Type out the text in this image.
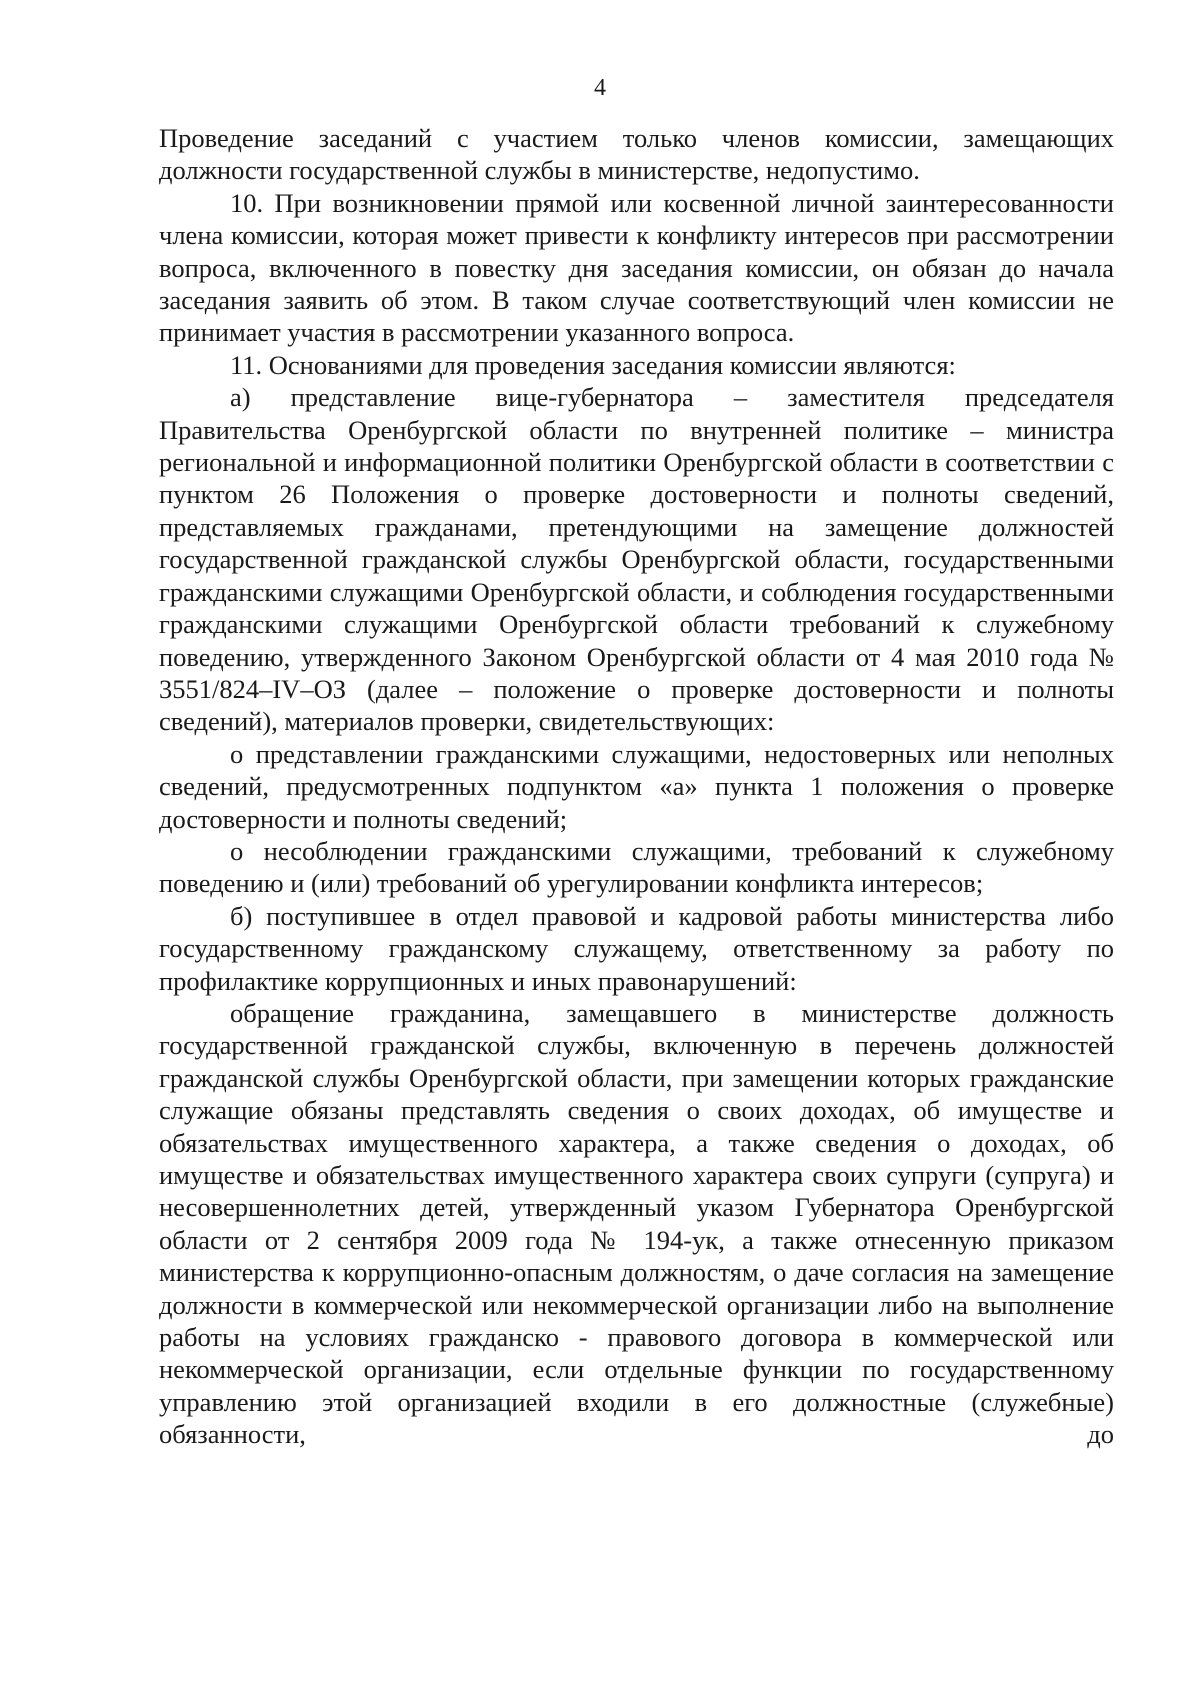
4

Проведение заседаний с участием только членов комиссии, замещающих должности государственной службы в министерстве, недопустимо.

10. При возникновении прямой или косвенной личной заинтересованности члена комиссии, которая может привести к конфликту интересов при рассмотрении вопроса, включенного в повестку дня заседания комиссии, он обязан до начала заседания заявить об этом. В таком случае соответствующий член комиссии не принимает участия в рассмотрении указанного вопроса.

11. Основаниями для проведения заседания комиссии являются:

а) представление вице-губернатора – заместителя председателя Правительства Оренбургской области по внутренней политике – министра региональной и информационной политики Оренбургской области в соответствии с пунктом 26 Положения о проверке достоверности и полноты сведений, представляемых гражданами, претендующими на замещение должностей государственной гражданской службы Оренбургской области, государственными гражданскими служащими Оренбургской области, и соблюдения государственными гражданскими служащими Оренбургской области требований к служебному поведению, утвержденного Законом Оренбургской области от 4 мая 2010 года № 3551/824–IV–ОЗ (далее – положение о проверке достоверности и полноты сведений), материалов проверки, свидетельствующих:

о представлении гражданскими служащими, недостоверных или неполных сведений, предусмотренных подпунктом «а» пункта 1 положения о проверке достоверности и полноты сведений;

о несоблюдении гражданскими служащими, требований к служебному поведению и (или) требований об урегулировании конфликта интересов;

б) поступившее в отдел правовой и кадровой работы министерства либо государственному гражданскому служащему, ответственному за работу по профилактике коррупционных и иных правонарушений:

обращение гражданина, замещавшего в министерстве должность государственной гражданской службы, включенную в перечень должностей гражданской службы Оренбургской области, при замещении которых гражданские служащие обязаны представлять сведения о своих доходах, об имуществе и обязательствах имущественного характера, а также сведения о доходах, об имуществе и обязательствах имущественного характера своих супруги (супруга) и несовершеннолетних детей, утвержденный указом Губернатора Оренбургской области от 2 сентября 2009 года № 194-ук, а также отнесенную приказом министерства к коррупционно-опасным должностям, о даче согласия на замещение должности в коммерческой или некоммерческой организации либо на выполнение работы на условиях гражданско - правового договора в коммерческой или некоммерческой организации, если отдельные функции по государственному управлению этой организацией входили в его должностные (служебные) обязанности, до
